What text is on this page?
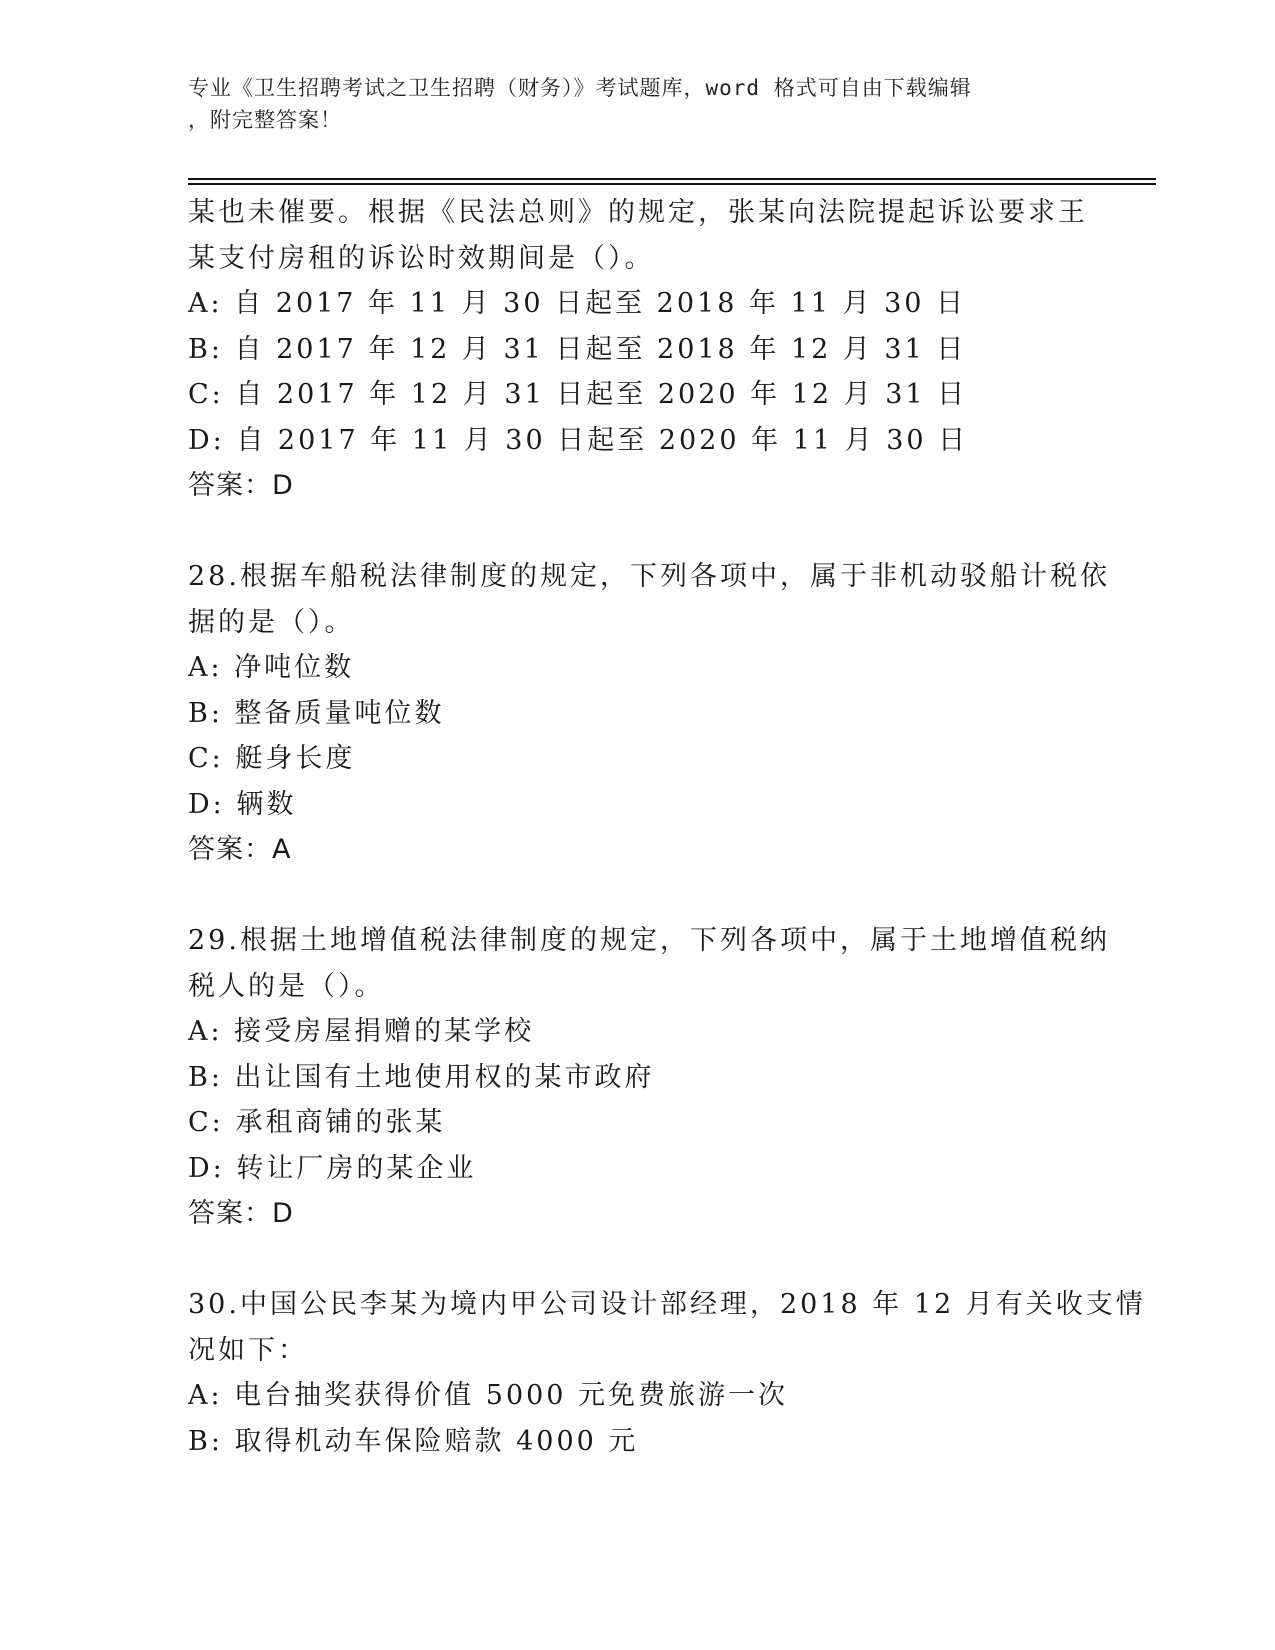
专业《卫生招聘考试之卫生招聘（财务）》考试题库，word 格式可自由下载编辑
，附完整答案！
某也未催要。根据《民法总则》的规定，张某向法院提起诉讼要求王
某支付房租的诉讼时效期间是（）。
A: 自 2017 年 11 月 30 日起至 2018 年 11 月 30 日
B: 自 2017 年 12 月 31 日起至 2018 年 12 月 31 日
C: 自 2017 年 12 月 31 日起至 2020 年 12 月 31 日
D: 自 2017 年 11 月 30 日起至 2020 年 11 月 30 日
答案：D
28.根据车船税法律制度的规定，下列各项中，属于非机动驳船计税依
据的是（）。
A: 净吨位数
B: 整备质量吨位数
C: 艇身长度
D: 辆数
答案：A
29.根据土地增值税法律制度的规定，下列各项中，属于土地增值税纳
税人的是（）。
A: 接受房屋捐赠的某学校
B: 出让国有土地使用权的某市政府
C: 承租商铺的张某
D: 转让厂房的某企业
答案：D
30.中国公民李某为境内甲公司设计部经理，2018 年 12 月有关收支情
况如下：
A: 电台抽奖获得价值 5000 元免费旅游一次
B: 取得机动车保险赔款 4000 元
